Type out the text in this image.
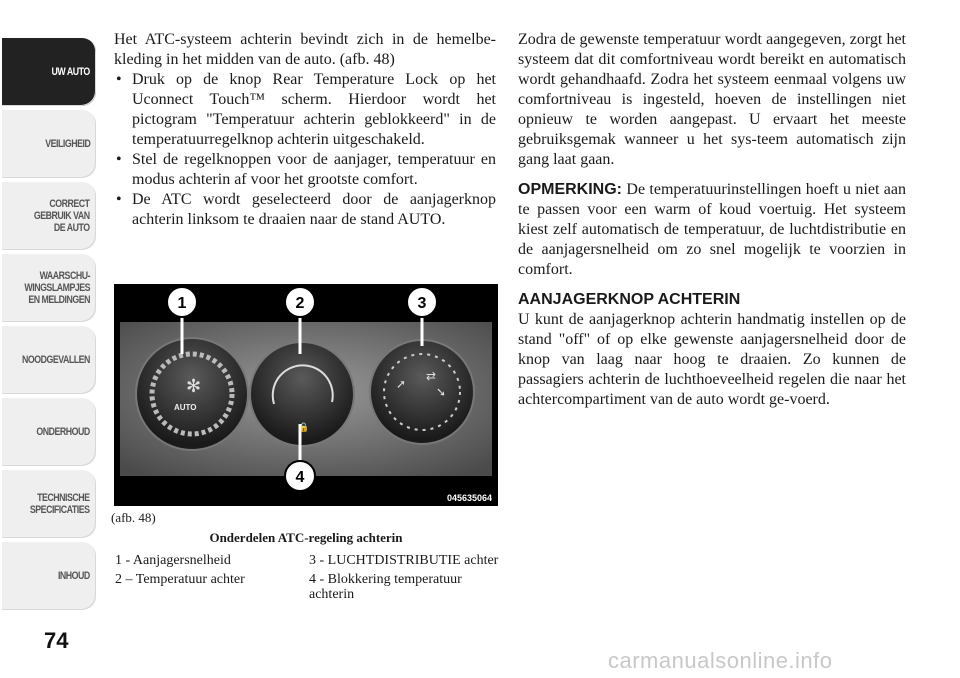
UW AUTO
VEILIGHEID
CORRECT
GEBRUIK VAN
DE AUTO
WAARSCHU-
WINGSLAMPJES
EN MELDINGEN
NOODGEVALLEN
ONDERHOUD
TECHNISCHE
SPECIFICATIES
INHOUD
74

Het ATC-systeem achterin bevindt zich in de hemelbe-kleding in het midden van de auto. (afb. 48)

• Druk op de knop Rear Temperature Lock op het Uconnect Touch™ scherm. Hierdoor wordt het pictogram "Temperatuur achterin geblokkeerd" in de temperatuurregelknop achterin uitgeschakeld.
• Stel de regelknoppen voor de aanjager, temperatuur en modus achterin af voor het grootste comfort.
• De ATC wordt geselecteerd door de aanjagerknop achterin linksom te draaien naar de stand AUTO.
✻
AUTO
🔒
➚
⇄
➘
1	2	3
4
045635064
(afb. 48)
Onderdelen ATC-regeling achterin
1 - Aanjagersnelheid	3 - LUCHTDISTRIBUTIE achter
2 – Temperatuur achter	4 - Blokkering temperatuur achterin

Zodra de gewenste temperatuur wordt aangegeven, zorgt het systeem dat dit comfortniveau wordt bereikt en automatisch wordt gehandhaafd. Zodra het systeem eenmaal volgens uw comfortniveau is ingesteld, hoeven de instellingen niet opnieuw te worden aangepast. U ervaart het meeste gebruiksgemak wanneer u het sys-teem automatisch zijn gang laat gaan.

OPMERKING: De temperatuurinstellingen hoeft u niet aan te passen voor een warm of koud voertuig. Het systeem kiest zelf automatisch de temperatuur, de luchtdistributie en de aanjagersnelheid om zo snel mogelijk te voorzien in comfort.

AANJAGERKNOP ACHTERIN

U kunt de aanjagerknop achterin handmatig instellen op de stand "off" of op elke gewenste aanjagersnelheid door de knop van laag naar hoog te draaien. Zo kunnen de passagiers achterin de luchthoeveelheid regelen die naar het achtercompartiment van de auto wordt ge-voerd.

carmanualsonline.info
